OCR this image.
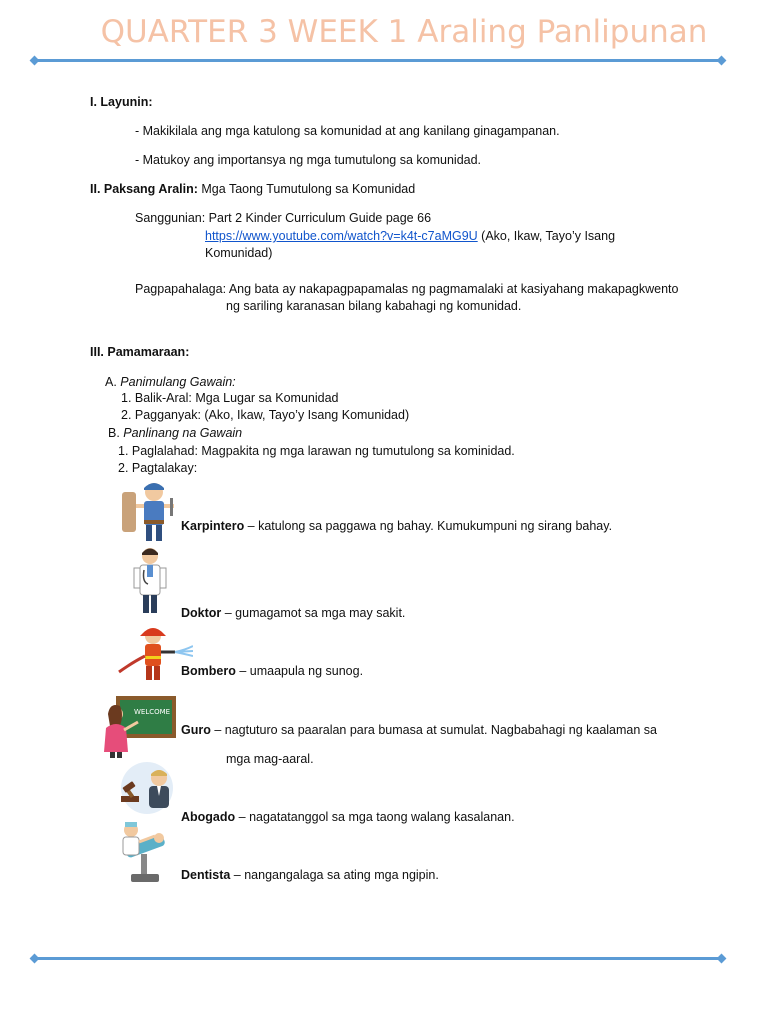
QUARTER 3 WEEK 1 Araling Panlipunan
I. Layunin:
- Makikilala ang mga katulong sa komunidad at ang kanilang ginagampanan.
- Matukoy ang importansya ng mga tumutulong sa komunidad.
II. Paksang Aralin: Mga Taong Tumutulong sa Komunidad
Sanggunian: Part 2 Kinder Curriculum Guide page 66
https://www.youtube.com/watch?v=k4t-c7aMG9U (Ako, Ikaw, Tayo’y Isang
Komunidad)
Pagpapahalaga: Ang bata ay nakapagpapamalas ng pagmamalaki at kasiyahang makapagkwento
ng sariling karanasan bilang kabahagi ng komunidad.
III. Pamamaraan:
A. Panimulang Gawain:
1. Balik-Aral: Mga Lugar sa Komunidad
2. Pagganyak: (Ako, Ikaw, Tayo’y Isang Komunidad)
B. Panlinang na Gawain
1. Paglalahad: Magpakita ng mga larawan ng tumutulong sa kominidad.
2. Pagtalakay:
WELCOME
Karpintero – katulong sa paggawa ng bahay. Kumukumpuni ng sirang bahay.
Doktor – gumagamot sa mga may sakit.
Bombero – umaapula ng sunog.
Guro – nagtuturo sa paaralan para bumasa at sumulat. Nagbabahagi ng kaalaman sa
mga mag-aaral.
Abogado – nagatatanggol sa mga taong walang kasalanan.
Dentista – nangangalaga sa ating mga ngipin.
